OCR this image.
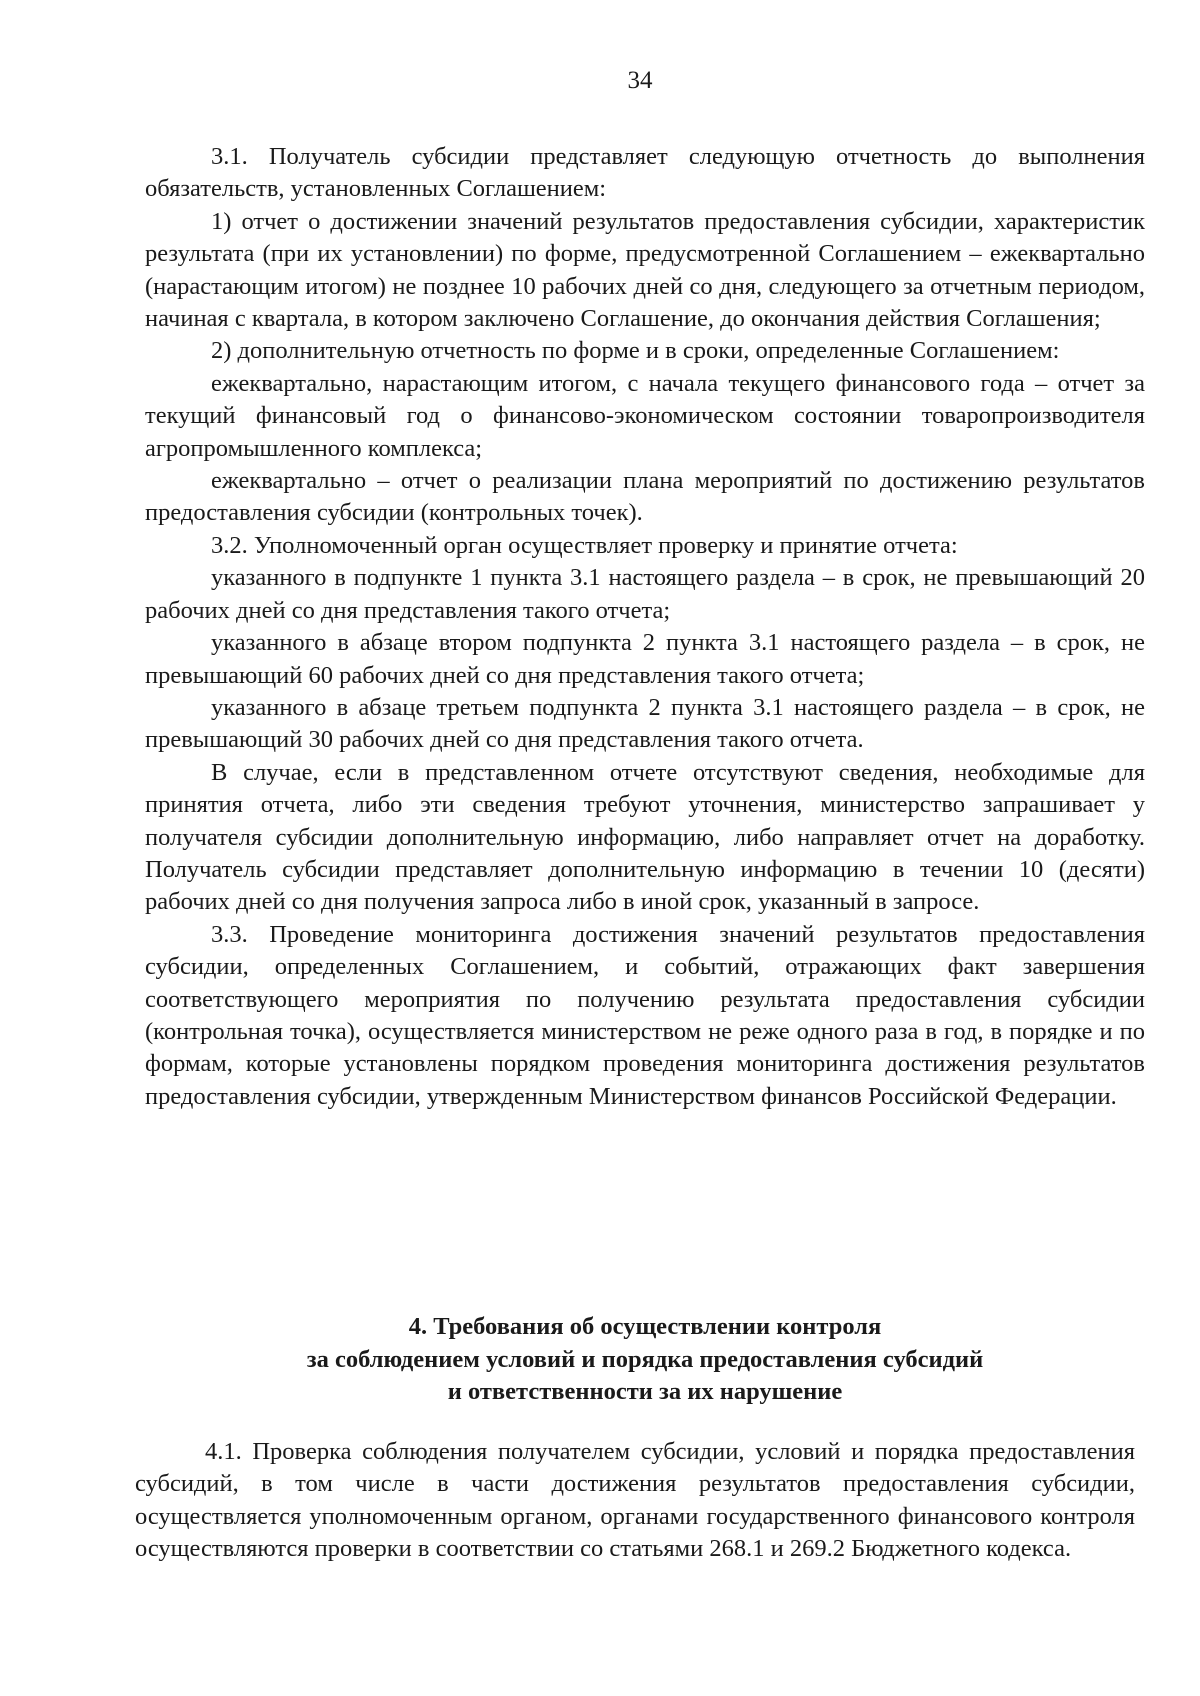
34

3.1. Получатель субсидии представляет следующую отчетность до выполнения обязательств, установленных Соглашением:

1) отчет о достижении значений результатов предоставления субсидии, характеристик результата (при их установлении) по форме, предусмотренной Соглашением – ежеквартально (нарастающим итогом) не позднее 10 рабочих дней со дня, следующего за отчетным периодом, начиная с квартала, в котором заключено Соглашение, до окончания действия Соглашения;

2) дополнительную отчетность по форме и в сроки, определенные Соглашением:

ежеквартально, нарастающим итогом, с начала текущего финансового года – отчет за текущий финансовый год о финансово-экономическом состоянии товаропроизводителя агропромышленного комплекса;

ежеквартально – отчет о реализации плана мероприятий по достижению результатов предоставления субсидии (контрольных точек).

3.2. Уполномоченный орган осуществляет проверку и принятие отчета:

указанного в подпункте 1 пункта 3.1 настоящего раздела – в срок, не превышающий 20 рабочих дней со дня представления такого отчета;

указанного в абзаце втором подпункта 2 пункта 3.1 настоящего раздела – в срок, не превышающий 60 рабочих дней со дня представления такого отчета;

указанного в абзаце третьем подпункта 2 пункта 3.1 настоящего раздела – в срок, не превышающий 30 рабочих дней со дня представления такого отчета.

В случае, если в представленном отчете отсутствуют сведения, необходимые для принятия отчета, либо эти сведения требуют уточнения, министерство запрашивает у получателя субсидии дополнительную информацию, либо направляет отчет на доработку. Получатель субсидии представляет дополнительную информацию в течении 10 (десяти) рабочих дней со дня получения запроса либо в иной срок, указанный в запросе.

3.3. Проведение мониторинга достижения значений результатов предоставления субсидии, определенных Соглашением, и событий, отражающих факт завершения соответствующего мероприятия по получению результата предоставления субсидии (контрольная точка), осуществляется министерством не реже одного раза в год, в порядке и по формам, которые установлены порядком проведения мониторинга достижения результатов предоставления субсидии, утвержденным Министерством финансов Российской Федерации.

4. Требования об осуществлении контроля
за соблюдением условий и порядка предоставления субсидий
и ответственности за их нарушение

4.1. Проверка соблюдения получателем субсидии, условий и порядка предоставления субсидий, в том числе в части достижения результатов предоставления субсидии, осуществляется уполномоченным органом, органами государственного финансового контроля осуществляются проверки в соответствии со статьями 268.1 и 269.2 Бюджетного кодекса.
